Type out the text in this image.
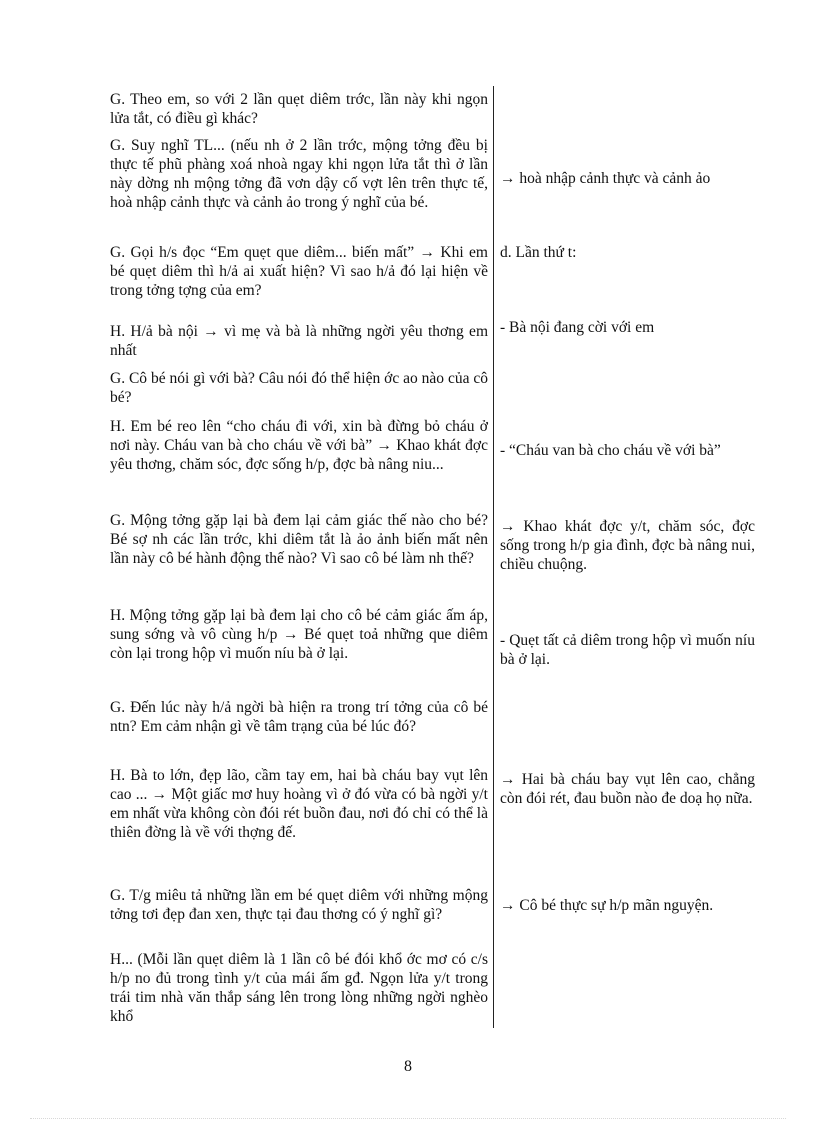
G. Theo em, so với 2 lần quẹt diêm trớc, lần này khi ngọn lửa tắt, có điều gì khác?
G. Suy nghĩ TL... (nếu nh ở 2 lần trớc, mộng tởng đều bị thực tế phũ phàng xoá nhoà ngay khi ngọn lửa tắt thì ở lần này dờng nh mộng tởng đã vơn dậy cố vợt lên trên thực tế, hoà nhập cảnh thực và cảnh ảo trong ý nghĩ của bé.
G. Gọi h/s đọc “Em quẹt que diêm... biến mất” → Khi em bé quẹt diêm thì h/ả ai xuất hiện? Vì sao h/ả đó lại hiện về trong tởng tợng của em?
H. H/ả bà nội → vì mẹ và bà là những ngời yêu thơng em nhất
G. Cô bé nói gì với bà? Câu nói đó thể hiện ớc ao nào của cô bé?
H. Em bé reo lên “cho cháu đi với, xin bà đừng bỏ cháu ở nơi này. Cháu van bà cho cháu về với bà” → Khao khát đợc yêu thơng, chăm sóc, đợc sống h/p, đợc bà nâng niu...
G. Mộng tởng gặp lại bà đem lại cảm giác thế nào cho bé? Bé sợ nh các lần trớc, khi diêm tắt là ảo ảnh biến mất nên lần này cô bé hành động thế nào? Vì sao cô bé làm nh thế?
H. Mộng tởng gặp lại bà đem lại cho cô bé cảm giác ấm áp, sung sớng và vô cùng h/p → Bé quẹt toả những que diêm còn lại trong hộp vì muốn níu bà ở lại.
G. Đến lúc này h/ả ngời bà hiện ra trong trí tởng của cô bé ntn? Em cảm nhận gì về tâm trạng của bé lúc đó?
H. Bà to lớn, đẹp lão, cầm tay em, hai bà cháu bay vụt lên cao ... → Một giấc mơ huy hoàng vì ở đó vừa có bà ngời y/t em nhất vừa không còn đói rét buồn đau, nơi đó chỉ có thể là thiên đờng là về với thợng đế.
G. T/g miêu tả những lần em bé quẹt diêm với những mộng tởng tơi đẹp đan xen, thực tại đau thơng có ý nghĩ gì?
H... (Mỗi lần quẹt diêm là 1 lần cô bé đói khổ ớc mơ có c/s h/p no đủ trong tình y/t của mái ấm gđ. Ngọn lửa y/t trong trái tim nhà văn thắp sáng lên trong lòng những ngời nghèo khổ
→ hoà nhập cảnh thực và cảnh ảo
d. Lần thứ t:
- Bà nội đang cời với em
- “Cháu van bà cho cháu về với bà”
→ Khao khát đợc y/t, chăm sóc, đợc sống trong h/p gia đình, đợc bà nâng nui, chiều chuộng.
- Quẹt tất cả diêm trong hộp vì muốn níu bà ở lại.
→ Hai bà cháu bay vụt lên cao, chẳng còn đói rét, đau buồn nào đe doạ họ nữa.
→ Cô bé thực sự h/p mãn nguyện.
8
